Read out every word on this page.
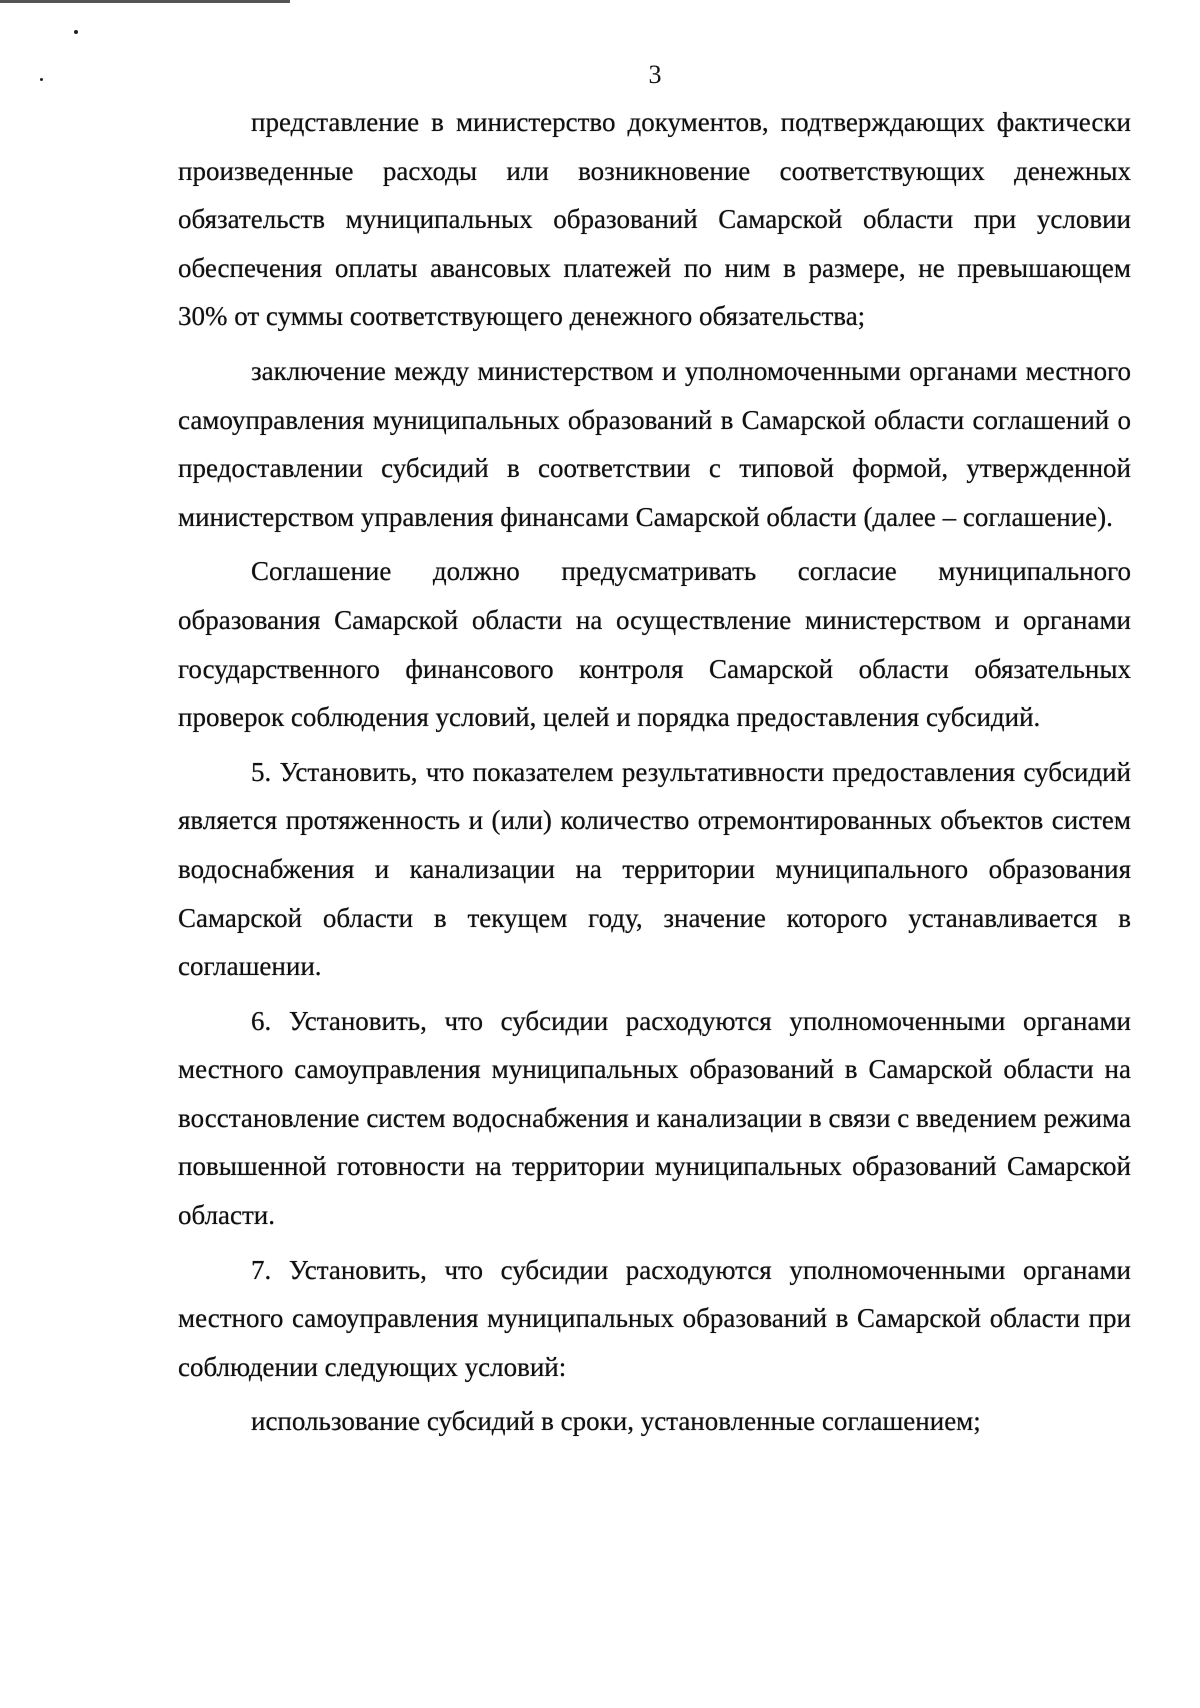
3

представление в министерство документов, подтверждающих фактически произведенные расходы или возникновение соответствующих денежных обязательств муниципальных образований Самарской области при условии обеспечения оплаты авансовых платежей по ним в размере, не превышающем 30% от суммы соответствующего денежного обязательства;

заключение между министерством и уполномоченными органами местного самоуправления муниципальных образований в Самарской области соглашений о предоставлении субсидий в соответствии с типовой формой, утвержденной министерством управления финансами Самарской области (далее – соглашение).

Соглашение должно предусматривать согласие муниципального образования Самарской области на осуществление министерством и органами государственного финансового контроля Самарской области обязательных проверок соблюдения условий, целей и порядка предоставления субсидий.

5. Установить, что показателем результативности предоставления субсидий является протяженность и (или) количество отремонтированных объектов систем водоснабжения и канализации на территории муниципального образования Самарской области в текущем году, значение которого устанавливается в соглашении.

6. Установить, что субсидии расходуются уполномоченными органами местного самоуправления муниципальных образований в Самарской области на восстановление систем водоснабжения и канализации в связи с введением режима повышенной готовности на территории муниципальных образований Самарской области.

7. Установить, что субсидии расходуются уполномоченными органами местного самоуправления муниципальных образований в Самарской области при соблюдении следующих условий:

использование субсидий в сроки, установленные соглашением;
